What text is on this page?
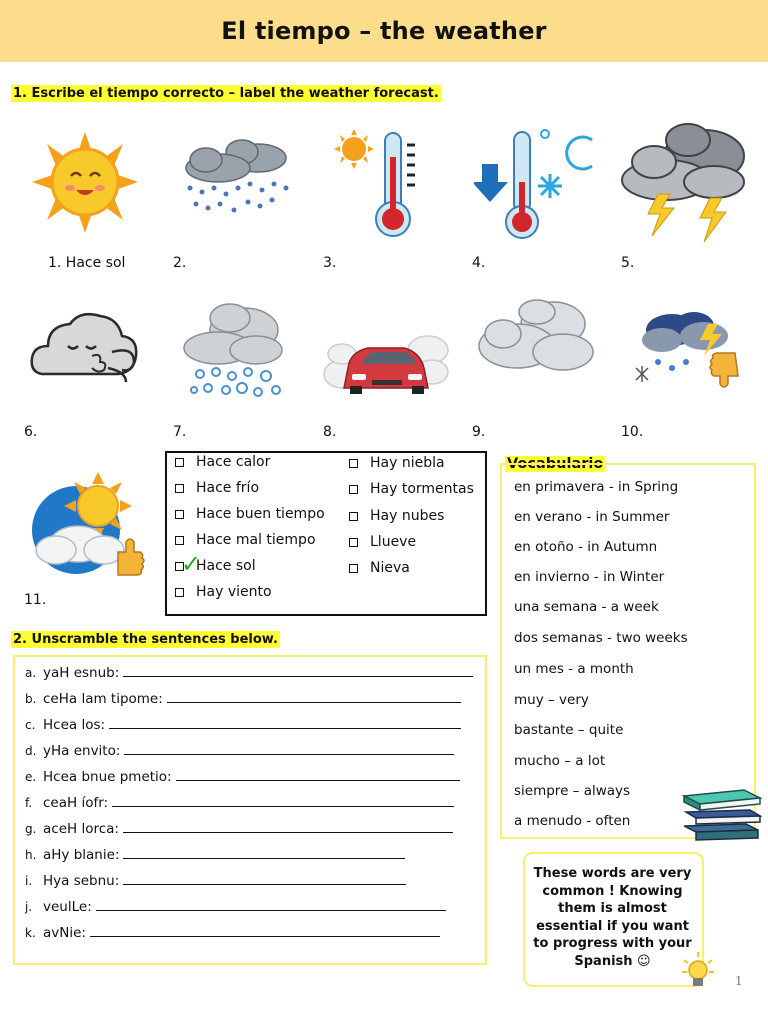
El tiempo – the weather
1. Escribe el tiempo correcto – label the weather forecast.
1. Hace sol	2.	3.	4.	5.
6.	7.	8.	9.	10.
11.
Hace calor
Hace frío
Hace buen tiempo
Hace mal tiempo
✓
Hace sol
Hay viento
Hay niebla
Hay tormentas
Hay nubes
Llueve
Nieva
2. Unscramble the sentences below.
a. yaH esnub:
b. ceHa lam tipome:
c. Hcea los:
d. yHa envito:
e. Hcea bnue pmetio:
f. ceaH íofr:
g. aceH lorca:
h. aHy blanie:
i. Hya sebnu:
j. veulLe:
k. avNie:
Vocabulario
en primavera - in Spring
en verano - in Summer
en otoño - in Autumn
en invierno - in Winter
una semana - a week
dos semanas - two weeks
un mes - a month
muy – very
bastante – quite
mucho – a lot
siempre – always
a menudo - often
These words are very common ! Knowing them is almost essential if you want to progress with your Spanish ☺
1
